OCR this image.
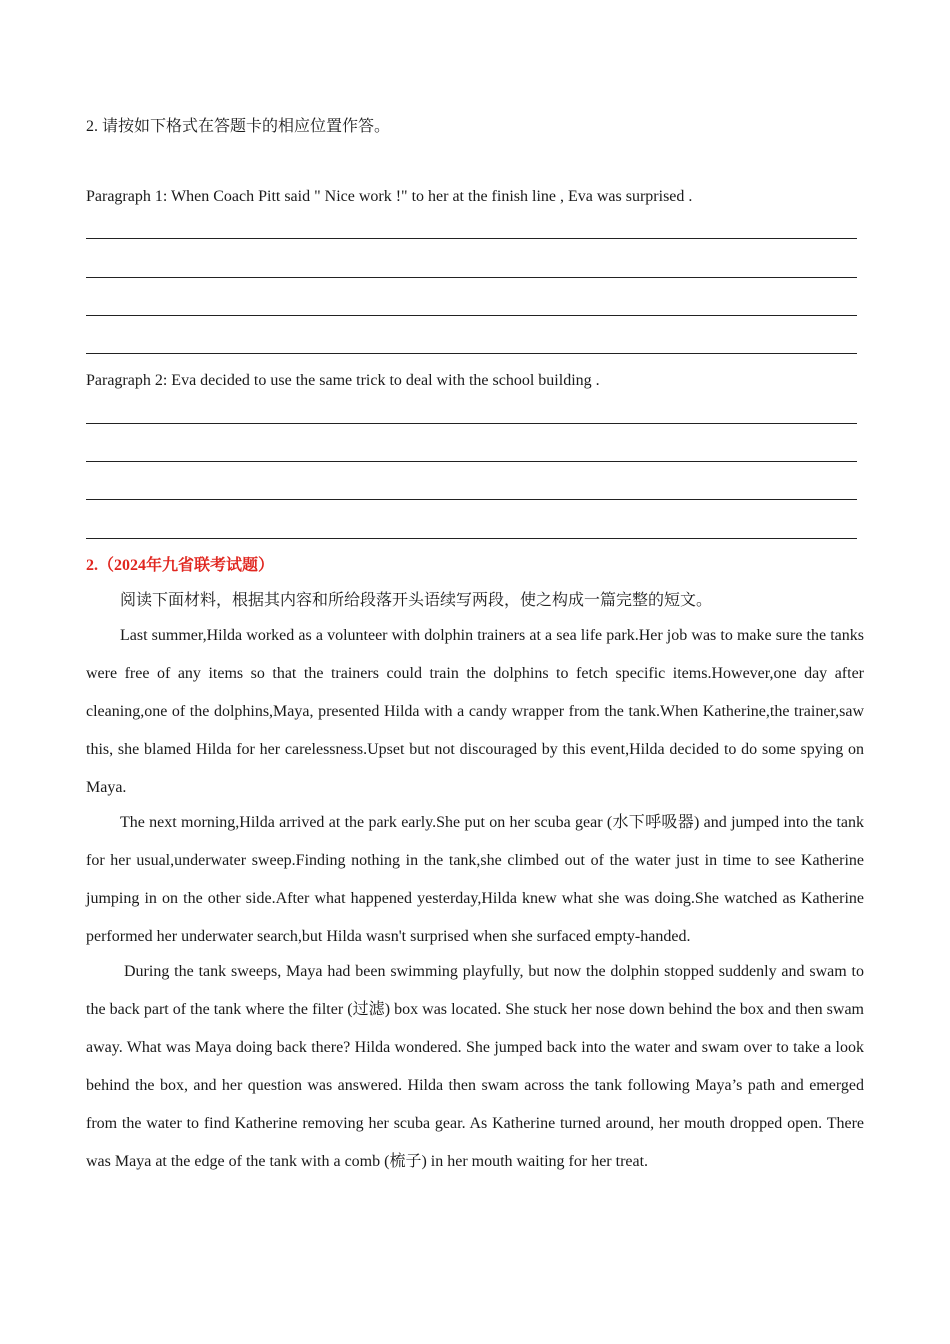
2. 请按如下格式在答题卡的相应位置作答。
Paragraph 1: When Coach Pitt said " Nice work !" to her at the finish line , Eva was surprised .
Paragraph 2: Eva decided to use the same trick to deal with the school building .
2.（2024年九省联考试题）
阅读下面材料，根据其内容和所给段落开头语续写两段，使之构成一篇完整的短文。

Last summer,Hilda worked as a volunteer with dolphin trainers at a sea life park.Her job was to make sure the tanks were free of any items so that the trainers could train the dolphins to fetch specific items.However,one day after cleaning,one of the dolphins,Maya, presented Hilda with a candy wrapper from the tank.When Katherine,the trainer,saw this, she blamed Hilda for her carelessness.Upset but not discouraged by this event,Hilda decided to do some spying on Maya.

The next morning,Hilda arrived at the park early.She put on her scuba gear (水下呼吸器) and jumped into the tank for her usual,underwater sweep.Finding nothing in the tank,she climbed out of the water just in time to see Katherine jumping in on the other side.After what happened yesterday,Hilda knew what she was doing.She watched as Katherine performed her underwater search,but Hilda wasn't surprised when she surfaced empty-handed.

During the tank sweeps, Maya had been swimming playfully, but now the dolphin stopped suddenly and swam to the back part of the tank where the filter (过滤) box was located. She stuck her nose down behind the box and then swam away. What was Maya doing back there? Hilda wondered. She jumped back into the water and swam over to take a look behind the box, and her question was answered. Hilda then swam across the tank following Maya’s path and emerged from the water to find Katherine removing her scuba gear. As Katherine turned around, her mouth dropped open. There was Maya at the edge of the tank with a comb (梳子) in her mouth waiting for her treat.
